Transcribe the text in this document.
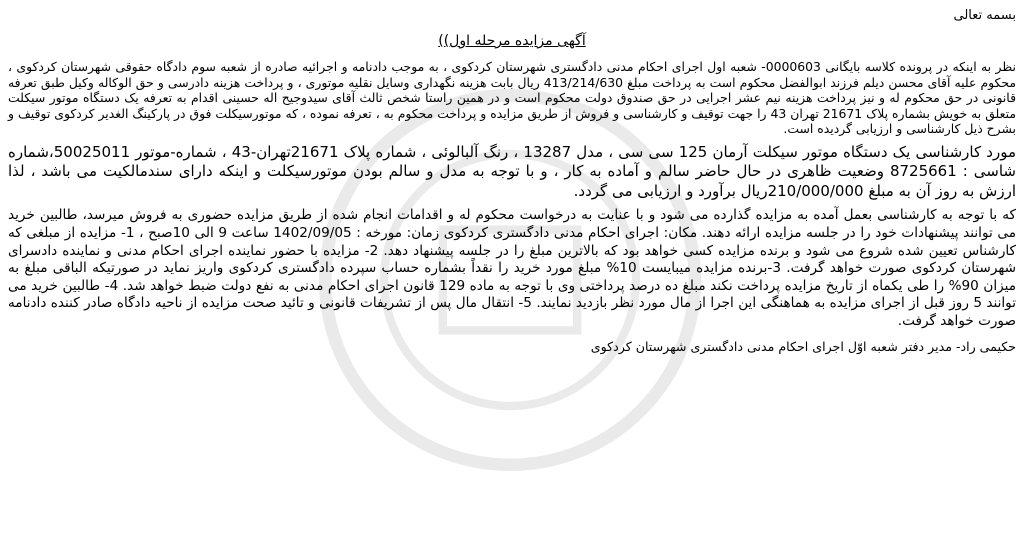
بسمه تعالی
آگهی مزایده مرحله اول))

نظر به اینکه در پرونده کلاسه بایگانی 0000603- شعبه اول اجرای احکام مدنی دادگستری شهرستان کردکوی ، به موجب دادنامه و اجرائیه صادره از شعبه سوم دادگاه حقوقی شهرستان کردکوی ، محکوم علیه آقای محسن دیلم فرزند ابوالفضل محکوم است به پرداخت مبلغ 413/214/630 ریال بابت هزینه نگهداری وسایل نقلیه موتوری ، و پرداخت هزینه دادرسی و حق الوکاله وکیل طبق تعرفه قانونی در حق محکوم له و نیز پرداخت هزینه نیم عشر اجرایی در حق صندوق دولت محکوم است و در همین راستا شخص ثالث آقای سیدوجیح اله حسینی اقدام به تعرفه یک دستگاه موتور سیکلت متعلق به خویش بشماره پلاک 21671 تهران 43 را جهت توقیف و کارشناسی و فروش از طریق مزایده و پرداخت محکوم به ، تعرفه نموده ، که موتورسیکلت فوق در پارکینگ الغدیر کردکوی توقیف و بشرح ذیل کارشناسی و ارزیابی گردیده است.

مورد کارشناسی یک دستگاه موتور سیکلت آرمان 125 سی سی ، مدل 13287 ، رنگ آلبالوئی ، شماره پلاک 21671تهران-43 ، شماره-موتور 50025011،شماره شاسی : 8725661 وضعیت ظاهری در حال حاضر سالم و آماده به کار ، و با توجه به مدل و سالم بودن موتورسیکلت و اینکه دارای سندمالکیت می باشد ، لذا ارزش به روز آن به مبلغ 210/000/000ریال برآورد و ارزیابی می گردد.

که با توجه به کارشناسی بعمل آمده به مزایده گذارده می شود و با عنایت به درخواست محکوم له و اقدامات انجام شده از طریق مزایده حضوری به فروش میرسد، طالبین خرید می توانند پیشنهادات خود را در جلسه مزایده ارائه دهند. مکان: اجرای احکام مدنی دادگستری کردکوی زمان: مورخه : 1402/09/05 ساعت 9 الی 10صبح ، 1- مزایده از مبلغی که کارشناس تعیین شده شروع می شود و برنده مزایده کسی خواهد بود که بالاترین مبلغ را در جلسه پیشنهاد دهد. 2- مزایده با حضور نماینده اجرای احکام مدنی و نماینده دادسرای شهرستان کردکوی صورت خواهد گرفت. 3-برنده مزایده میبایست 10% مبلغ مورد خرید را نقداً بشماره حساب سپرده دادگستری کردکوی واریز نماید در صورتیکه الباقی مبلغ به میزان 90% را طی یکماه از تاریخ مزایده پرداخت نکند مبلغ ده درصد پرداختی وی با توجه به ماده 129 قانون اجرای احکام مدنی به نفع دولت ضبط خواهد شد. 4- طالبین خرید می توانند 5 روز قبل از اجرای مزایده به هماهنگی این اجرا از مال مورد نظر بازدید نمایند. 5- انتقال مال پس از تشریفات قانونی و تائید صحت مزایده از ناحیه دادگاه صادر کننده دادنامه صورت خواهد گرفت.

حکیمی راد- مدیر دفتر شعبه اوّل اجرای احکام مدنی دادگستری شهرستان کردکوی
